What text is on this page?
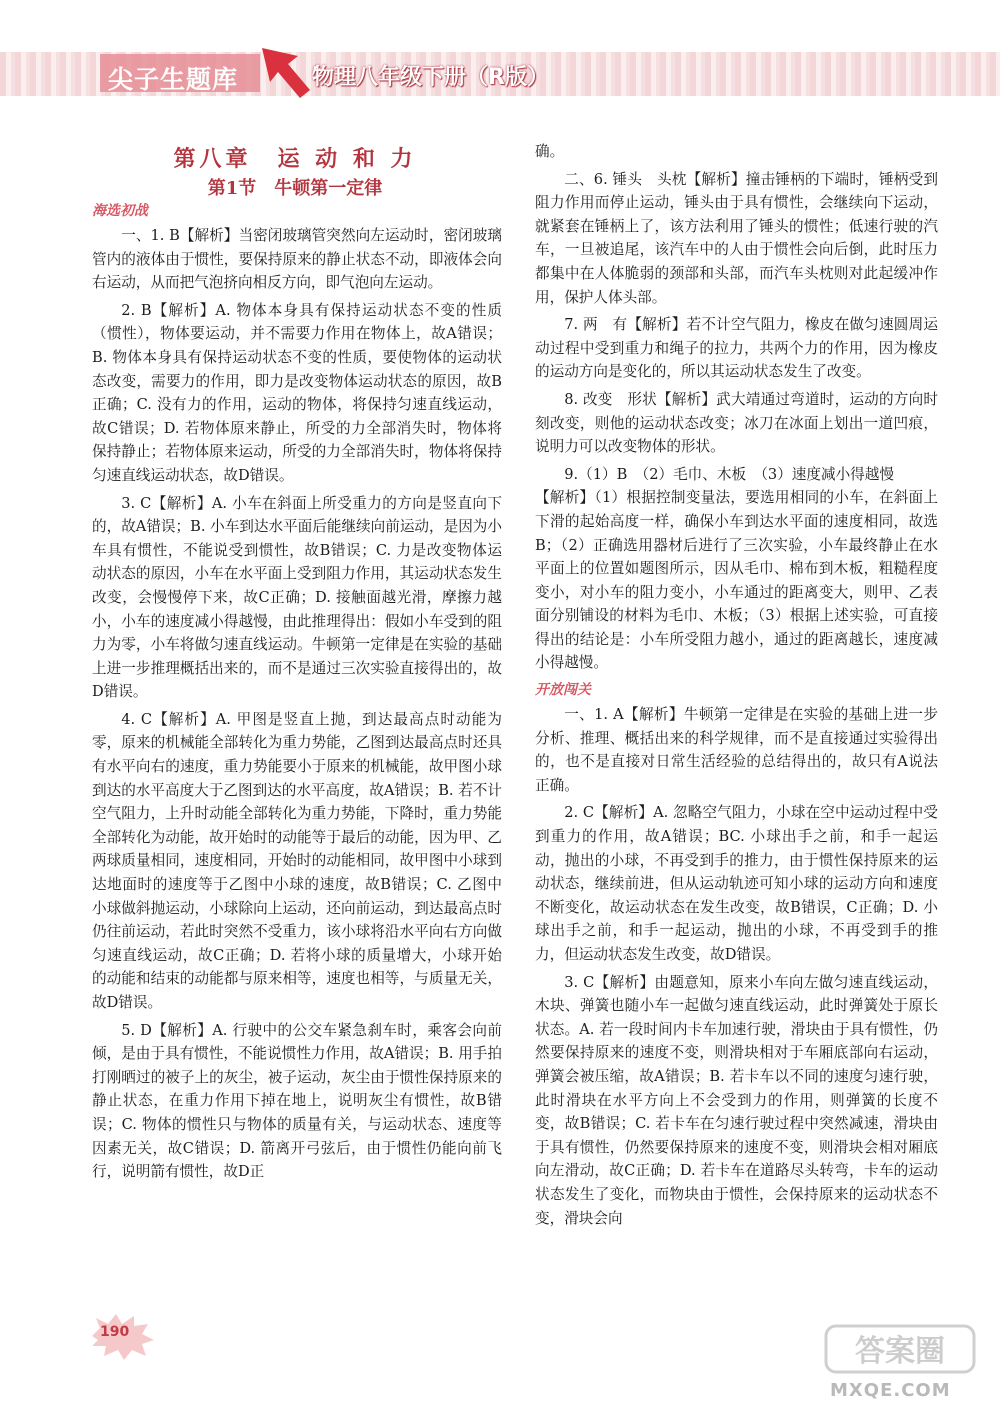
尖子生题库	物理八年级下册（R版）
第八章　运 动 和 力
第1节　牛顿第一定律
海选初战

一、1. B【解析】当密闭玻璃管突然向左运动时，密闭玻璃管内的液体由于惯性，要保持原来的静止状态不动，即液体会向右运动，从而把气泡挤向相反方向，即气泡向左运动。

2. B【解析】A. 物体本身具有保持运动状态不变的性质（惯性），物体要运动，并不需要力作用在物体上，故A错误；B. 物体本身具有保持运动状态不变的性质，要使物体的运动状态改变，需要力的作用，即力是改变物体运动状态的原因，故B正确；C. 没有力的作用，运动的物体，将保持匀速直线运动，故C错误；D. 若物体原来静止，所受的力全部消失时，物体将保持静止；若物体原来运动，所受的力全部消失时，物体将保持匀速直线运动状态，故D错误。

3. C【解析】A. 小车在斜面上所受重力的方向是竖直向下的，故A错误；B. 小车到达水平面后能继续向前运动，是因为小车具有惯性，不能说受到惯性，故B错误；C. 力是改变物体运动状态的原因，小车在水平面上受到阻力作用，其运动状态发生改变，会慢慢停下来，故C正确；D. 接触面越光滑，摩擦力越小，小车的速度减小得越慢，由此推理得出：假如小车受到的阻力为零，小车将做匀速直线运动。牛顿第一定律是在实验的基础上进一步推理概括出来的，而不是通过三次实验直接得出的，故D错误。

4. C【解析】A. 甲图是竖直上抛，到达最高点时动能为零，原来的机械能全部转化为重力势能，乙图到达最高点时还具有水平向右的速度，重力势能要小于原来的机械能，故甲图小球到达的水平高度大于乙图到达的水平高度，故A错误；B. 若不计空气阻力，上升时动能全部转化为重力势能，下降时，重力势能全部转化为动能，故开始时的动能等于最后的动能，因为甲、乙两球质量相同，速度相同，开始时的动能相同，故甲图中小球到达地面时的速度等于乙图中小球的速度，故B错误；C. 乙图中小球做斜抛运动，小球除向上运动，还向前运动，到达最高点时仍往前运动，若此时突然不受重力，该小球将沿水平向右方向做匀速直线运动，故C正确；D. 若将小球的质量增大，小球开始的动能和结束的动能都与原来相等，速度也相等，与质量无关，故D错误。

5. D【解析】A. 行驶中的公交车紧急刹车时，乘客会向前倾，是由于具有惯性，不能说惯性力作用，故A错误；B. 用手拍打刚晒过的被子上的灰尘，被子运动，灰尘由于惯性保持原来的静止状态，在重力作用下掉在地上，说明灰尘有惯性，故B错误；C. 物体的惯性只与物体的质量有关，与运动状态、速度等因素无关，故C错误；D. 箭离开弓弦后，由于惯性仍能向前飞行，说明箭有惯性，故D正

确。

二、6. 锤头　头枕【解析】撞击锤柄的下端时，锤柄受到阻力作用而停止运动，锤头由于具有惯性，会继续向下运动，就紧套在锤柄上了，该方法利用了锤头的惯性；低速行驶的汽车，一旦被追尾，该汽车中的人由于惯性会向后倒，此时压力都集中在人体脆弱的颈部和头部，而汽车头枕则对此起缓冲作用，保护人体头部。

7. 两　有【解析】若不计空气阻力，橡皮在做匀速圆周运动过程中受到重力和绳子的拉力，共两个力的作用，因为橡皮的运动方向是变化的，所以其运动状态发生了改变。

8. 改变　形状【解析】武大靖通过弯道时，运动的方向时刻改变，则他的运动状态改变；冰刀在冰面上划出一道凹痕，说明力可以改变物体的形状。

9.（1）B　（2）毛巾、木板　（3）速度减小得越慢

【解析】（1）根据控制变量法，要选用相同的小车，在斜面上下滑的起始高度一样，确保小车到达水平面的速度相同，故选B；（2）正确选用器材后进行了三次实验，小车最终静止在水平面上的位置如题图所示，因从毛巾、棉布到木板，粗糙程度变小，对小车的阻力变小，小车通过的距离变大，则甲、乙表面分别铺设的材料为毛巾、木板；（3）根据上述实验，可直接得出的结论是：小车所受阻力越小，通过的距离越长，速度减小得越慢。

开放闯关

一、1. A【解析】牛顿第一定律是在实验的基础上进一步分析、推理、概括出来的科学规律，而不是直接通过实验得出的，也不是直接对日常生活经验的总结得出的，故只有A说法正确。

2. C【解析】A. 忽略空气阻力，小球在空中运动过程中受到重力的作用，故A错误；BC. 小球出手之前，和手一起运动，抛出的小球，不再受到手的推力，由于惯性保持原来的运动状态，继续前进，但从运动轨迹可知小球的运动方向和速度不断变化，故运动状态在发生改变，故B错误，C正确；D. 小球出手之前，和手一起运动，抛出的小球，不再受到手的推力，但运动状态发生改变，故D错误。

3. C【解析】由题意知，原来小车向左做匀速直线运动，木块、弹簧也随小车一起做匀速直线运动，此时弹簧处于原长状态。A. 若一段时间内卡车加速行驶，滑块由于具有惯性，仍然要保持原来的速度不变，则滑块相对于车厢底部向右运动，弹簧会被压缩，故A错误；B. 若卡车以不同的速度匀速行驶，此时滑块在水平方向上不会受到力的作用，则弹簧的长度不变，故B错误；C. 若卡车在匀速行驶过程中突然减速，滑块由于具有惯性，仍然要保持原来的速度不变，则滑块会相对厢底向左滑动，故C正确；D. 若卡车在道路尽头转弯，卡车的运动状态发生了变化，而物块由于惯性，会保持原来的运动状态不变，滑块会向

190
答案圈
MXQE.COM
